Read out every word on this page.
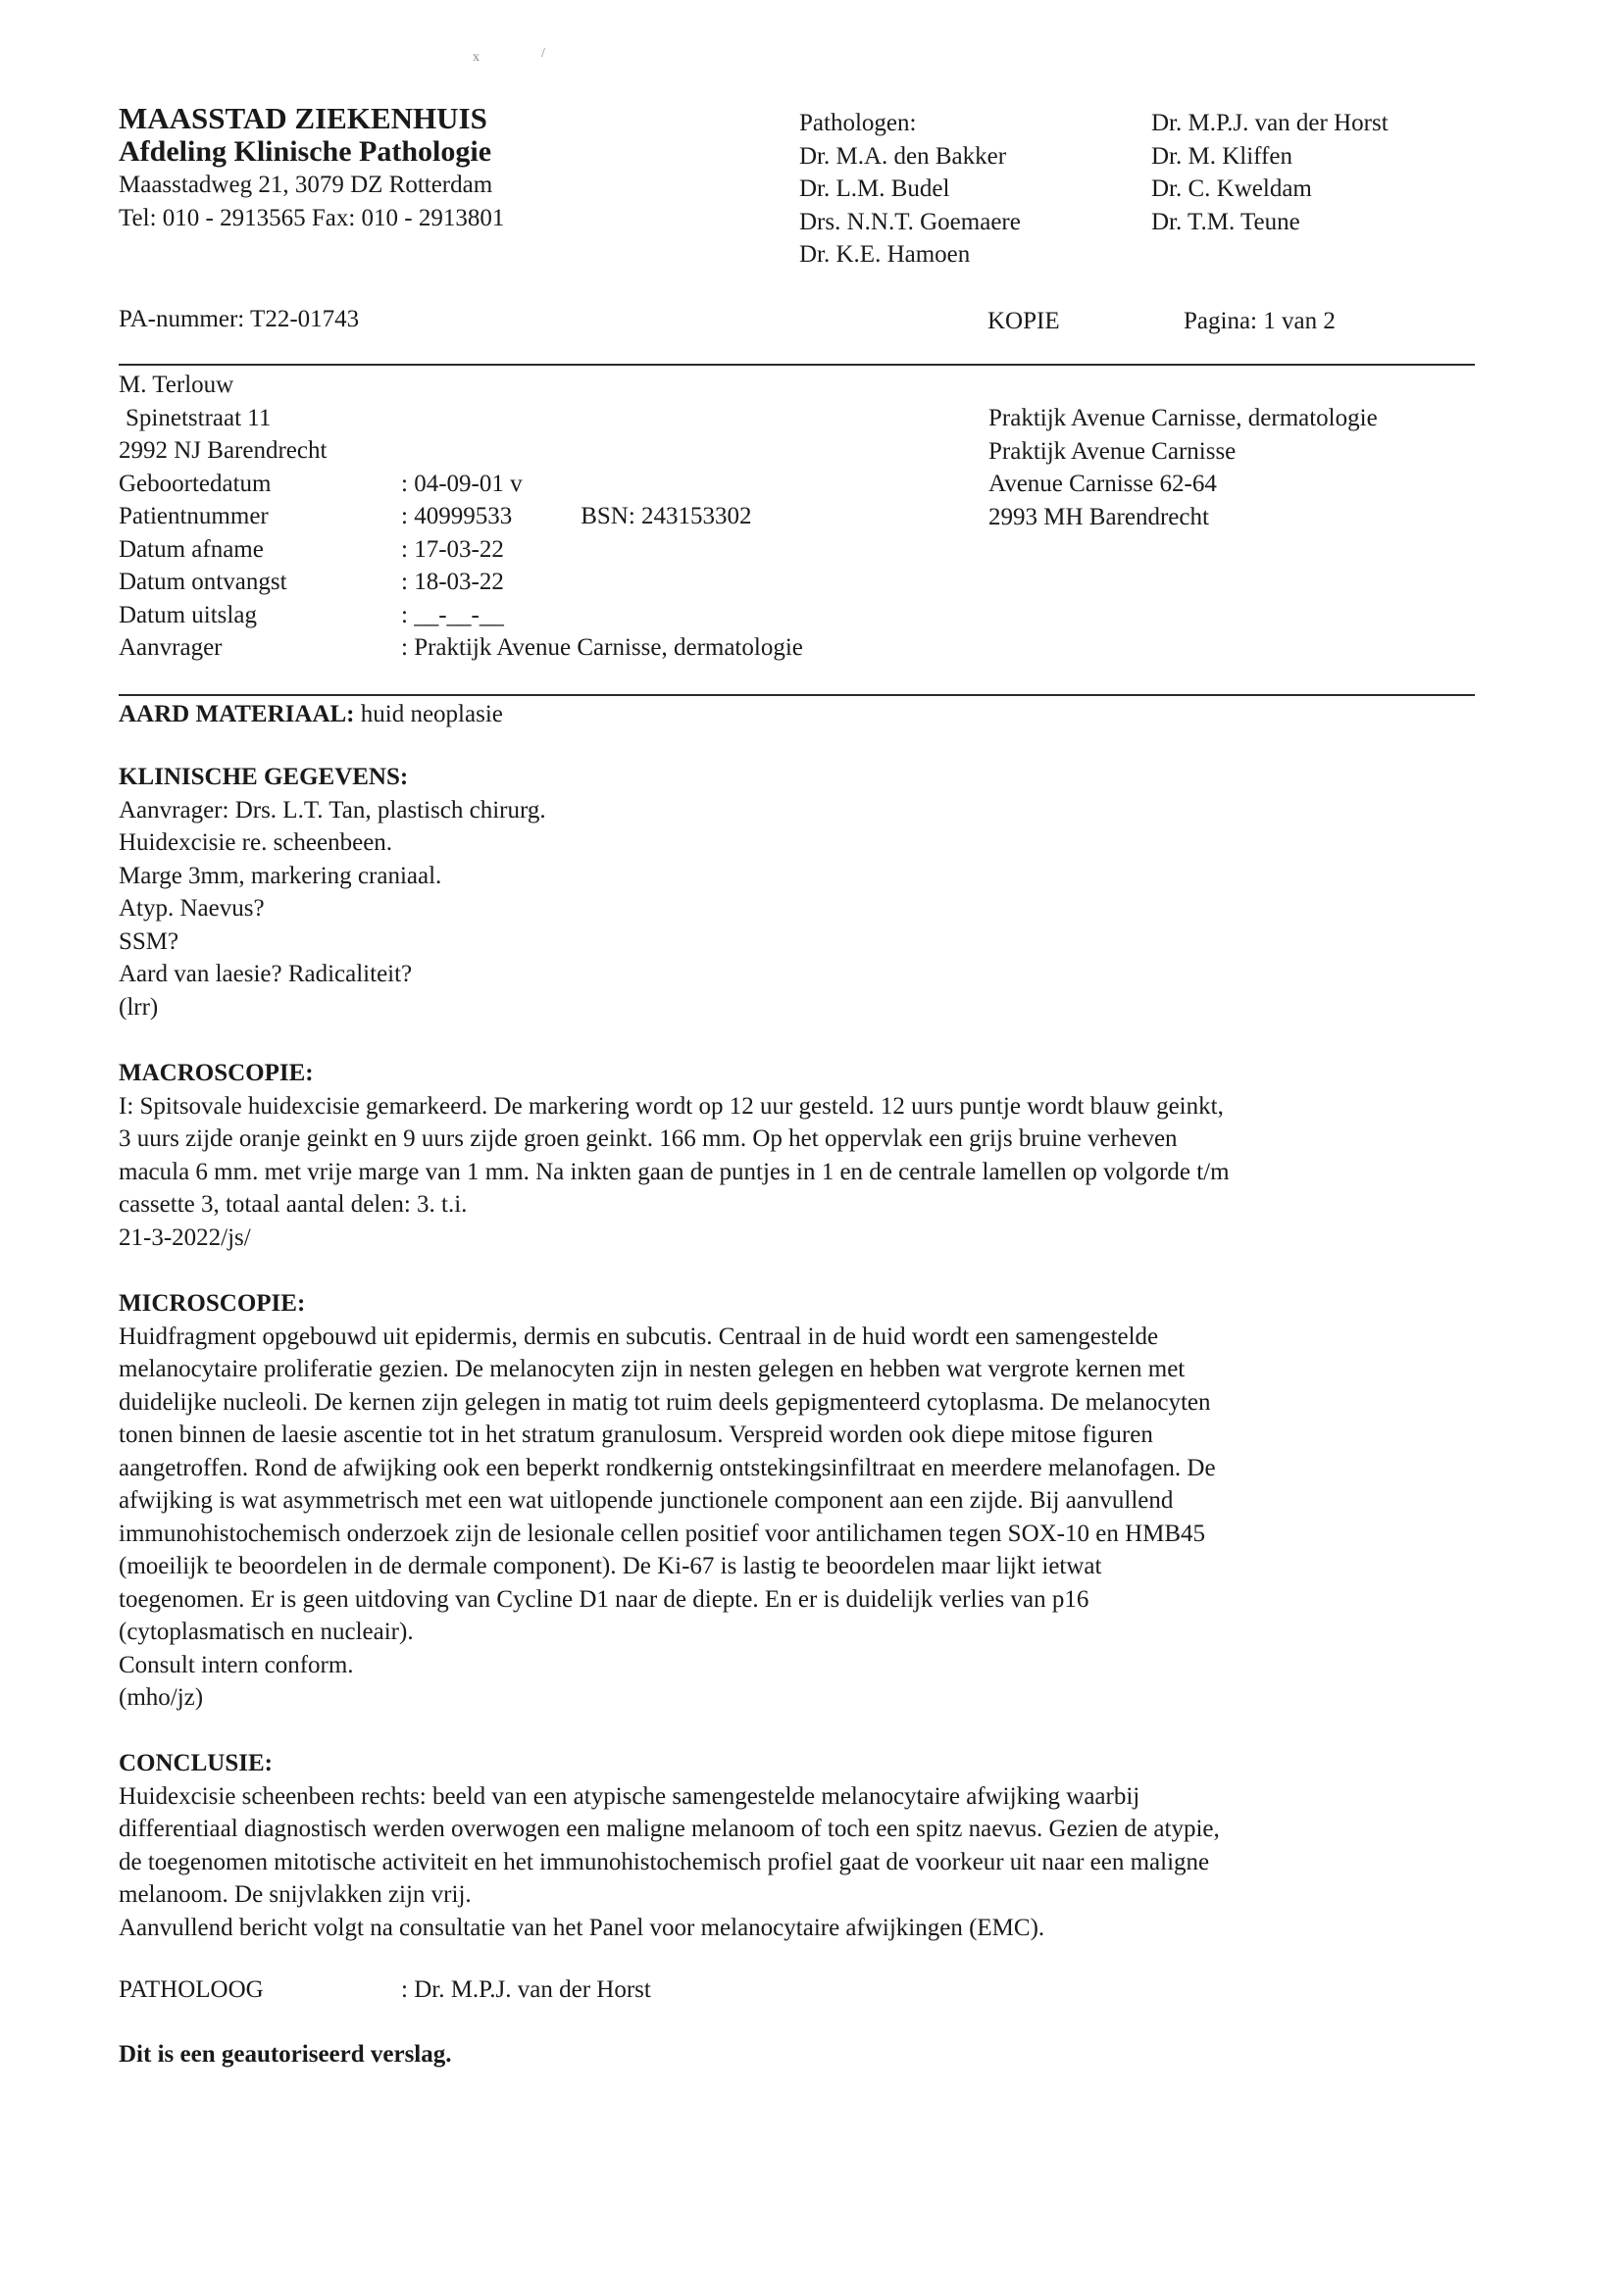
x	/
MAASSTAD ZIEKENHUIS
Afdeling Klinische Pathologie
Maasstadweg 21, 3079 DZ Rotterdam
Tel: 010 - 2913565 Fax: 010 - 2913801
Pathologen:
Dr. M.A. den Bakker
Dr. L.M. Budel
Drs. N.N.T. Goemaere
Dr. K.E. Hamoen
Dr. M.P.J. van der Horst
Dr. M. Kliffen
Dr. C. Kweldam
Dr. T.M. Teune
PA-nummer: T22-01743	KOPIE	Pagina: 1 van 2
M. Terlouw
Spinetstraat 11
2992 NJ Barendrecht
Geboortedatum	: 04-09-01 v
Patientnummer	: 40999533	BSN: 243153302
Datum afname	: 17-03-22
Datum ontvangst	: 18-03-22
Datum uitslag	: __-__-__
Aanvrager	: Praktijk Avenue Carnisse, dermatologie
Praktijk Avenue Carnisse, dermatologie
Praktijk Avenue Carnisse
Avenue Carnisse 62-64
2993 MH Barendrecht
AARD MATERIAAL: huid neoplasie
KLINISCHE GEGEVENS:
Aanvrager: Drs. L.T. Tan, plastisch chirurg.
Huidexcisie re. scheenbeen.
Marge 3mm, markering craniaal.
Atyp. Naevus?
SSM?
Aard van laesie? Radicaliteit?
(lrr)
MACROSCOPIE:
I: Spitsovale huidexcisie gemarkeerd. De markering wordt op 12 uur gesteld. 12 uurs puntje wordt blauw geinkt,
3 uurs zijde oranje geinkt en 9 uurs zijde groen geinkt. 166 mm. Op het oppervlak een grijs bruine verheven
macula 6 mm. met vrije marge van 1 mm. Na inkten gaan de puntjes in 1 en de centrale lamellen op volgorde t/m
cassette 3, totaal aantal delen: 3. t.i.
21-3-2022/js/
MICROSCOPIE:
Huidfragment opgebouwd uit epidermis, dermis en subcutis. Centraal in de huid wordt een samengestelde
melanocytaire proliferatie gezien. De melanocyten zijn in nesten gelegen en hebben wat vergrote kernen met
duidelijke nucleoli. De kernen zijn gelegen in matig tot ruim deels gepigmenteerd cytoplasma. De melanocyten
tonen binnen de laesie ascentie tot in het stratum granulosum. Verspreid worden ook diepe mitose figuren
aangetroffen. Rond de afwijking ook een beperkt rondkernig ontstekingsinfiltraat en meerdere melanofagen. De
afwijking is wat asymmetrisch met een wat uitlopende junctionele component aan een zijde. Bij aanvullend
immunohistochemisch onderzoek zijn de lesionale cellen positief voor antilichamen tegen SOX-10 en HMB45
(moeilijk te beoordelen in de dermale component). De Ki-67 is lastig te beoordelen maar lijkt ietwat
toegenomen. Er is geen uitdoving van Cycline D1 naar de diepte. En er is duidelijk verlies van p16
(cytoplasmatisch en nucleair).
Consult intern conform.
(mho/jz)
CONCLUSIE:
Huidexcisie scheenbeen rechts: beeld van een atypische samengestelde melanocytaire afwijking waarbij
differentiaal diagnostisch werden overwogen een maligne melanoom of toch een spitz naevus. Gezien de atypie,
de toegenomen mitotische activiteit en het immunohistochemisch profiel gaat de voorkeur uit naar een maligne
melanoom. De snijvlakken zijn vrij.
Aanvullend bericht volgt na consultatie van het Panel voor melanocytaire afwijkingen (EMC).
PATHOLOOG	: Dr. M.P.J. van der Horst
Dit is een geautoriseerd verslag.
